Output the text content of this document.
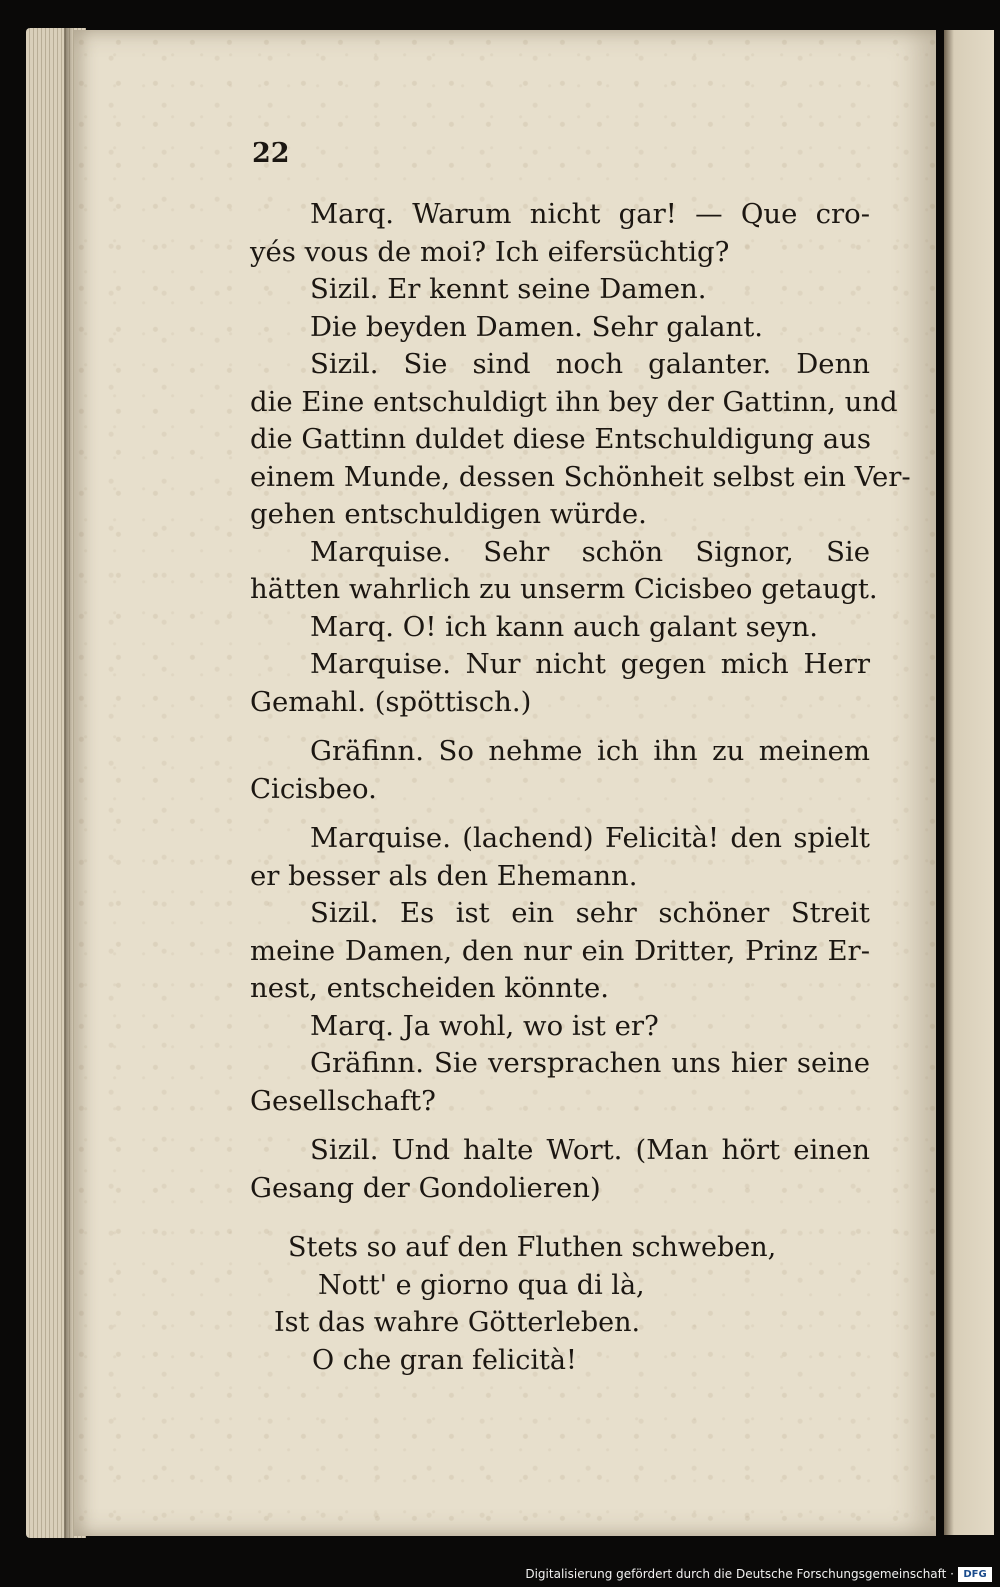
22
Marq. Warum nicht gar! — Que cro-
yés vous de moi? Ich eifersüchtig?
Sizil. Er kennt seine Damen.
Die beyden Damen. Sehr galant.
Sizil. Sie sind noch galanter. Denn
die Eine entschuldigt ihn bey der Gattinn, und
die Gattinn duldet diese Entschuldigung aus
einem Munde, dessen Schönheit selbst ein Ver-
gehen entschuldigen würde.
Marquise. Sehr schön Signor, Sie
hätten wahrlich zu unserm Cicisbeo getaugt.
Marq. O! ich kann auch galant seyn.
Marquise. Nur nicht gegen mich Herr
Gemahl. (spöttisch.)
Gräfinn. So nehme ich ihn zu meinem
Cicisbeo.
Marquise. (lachend) Felicità! den spielt
er besser als den Ehemann.
Sizil. Es ist ein sehr schöner Streit
meine Damen, den nur ein Dritter, Prinz Er-
nest, entscheiden könnte.
Marq. Ja wohl, wo ist er?
Gräfinn. Sie versprachen uns hier seine
Gesellschaft?
Sizil. Und halte Wort. (Man hört einen
Gesang der Gondolieren)
Stets so auf den Fluthen schweben,
Nott' e giorno qua di là,
Ist das wahre Götterleben.
O che gran felicità!
Digitalisierung gefördert durch die Deutsche Forschungsgemeinschaft · DFG
